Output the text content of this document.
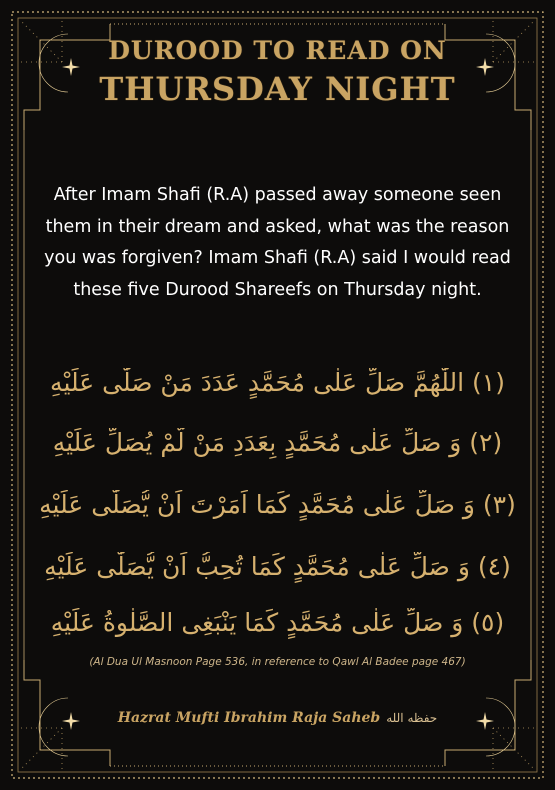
DUROOD TO READ ON
THURSDAY NIGHT
After Imam Shafi (R.A) passed away someone seen them in their dream and asked, what was the reason you was forgiven? Imam Shafi (R.A) said I would read these five Durood Shareefs on Thursday night.
(١) اللّٰهُمَّ صَلِّ عَلٰى مُحَمَّدٍ عَدَدَ مَنْ صَلّٰى عَلَيْهِ
(٢) وَ صَلِّ عَلٰى مُحَمَّدٍ بِعَدَدِ مَنْ لَّمْ يُصَلِّ عَلَيْهِ
(٣) وَ صَلِّ عَلٰى مُحَمَّدٍ كَمَا اَمَرْتَ اَنْ يُّصَلّٰى عَلَيْهِ
(٤) وَ صَلِّ عَلٰى مُحَمَّدٍ كَمَا تُحِبُّ اَنْ يُّصَلّٰى عَلَيْهِ
(٥) وَ صَلِّ عَلٰى مُحَمَّدٍ كَمَا يَنْبَغِى الصَّلٰوةُ عَلَيْهِ
(Al Dua Ul Masnoon Page 536, in reference to Qawl Al Badee page 467)
Hazrat Mufti Ibrahim Raja Saheb حفظه الله
